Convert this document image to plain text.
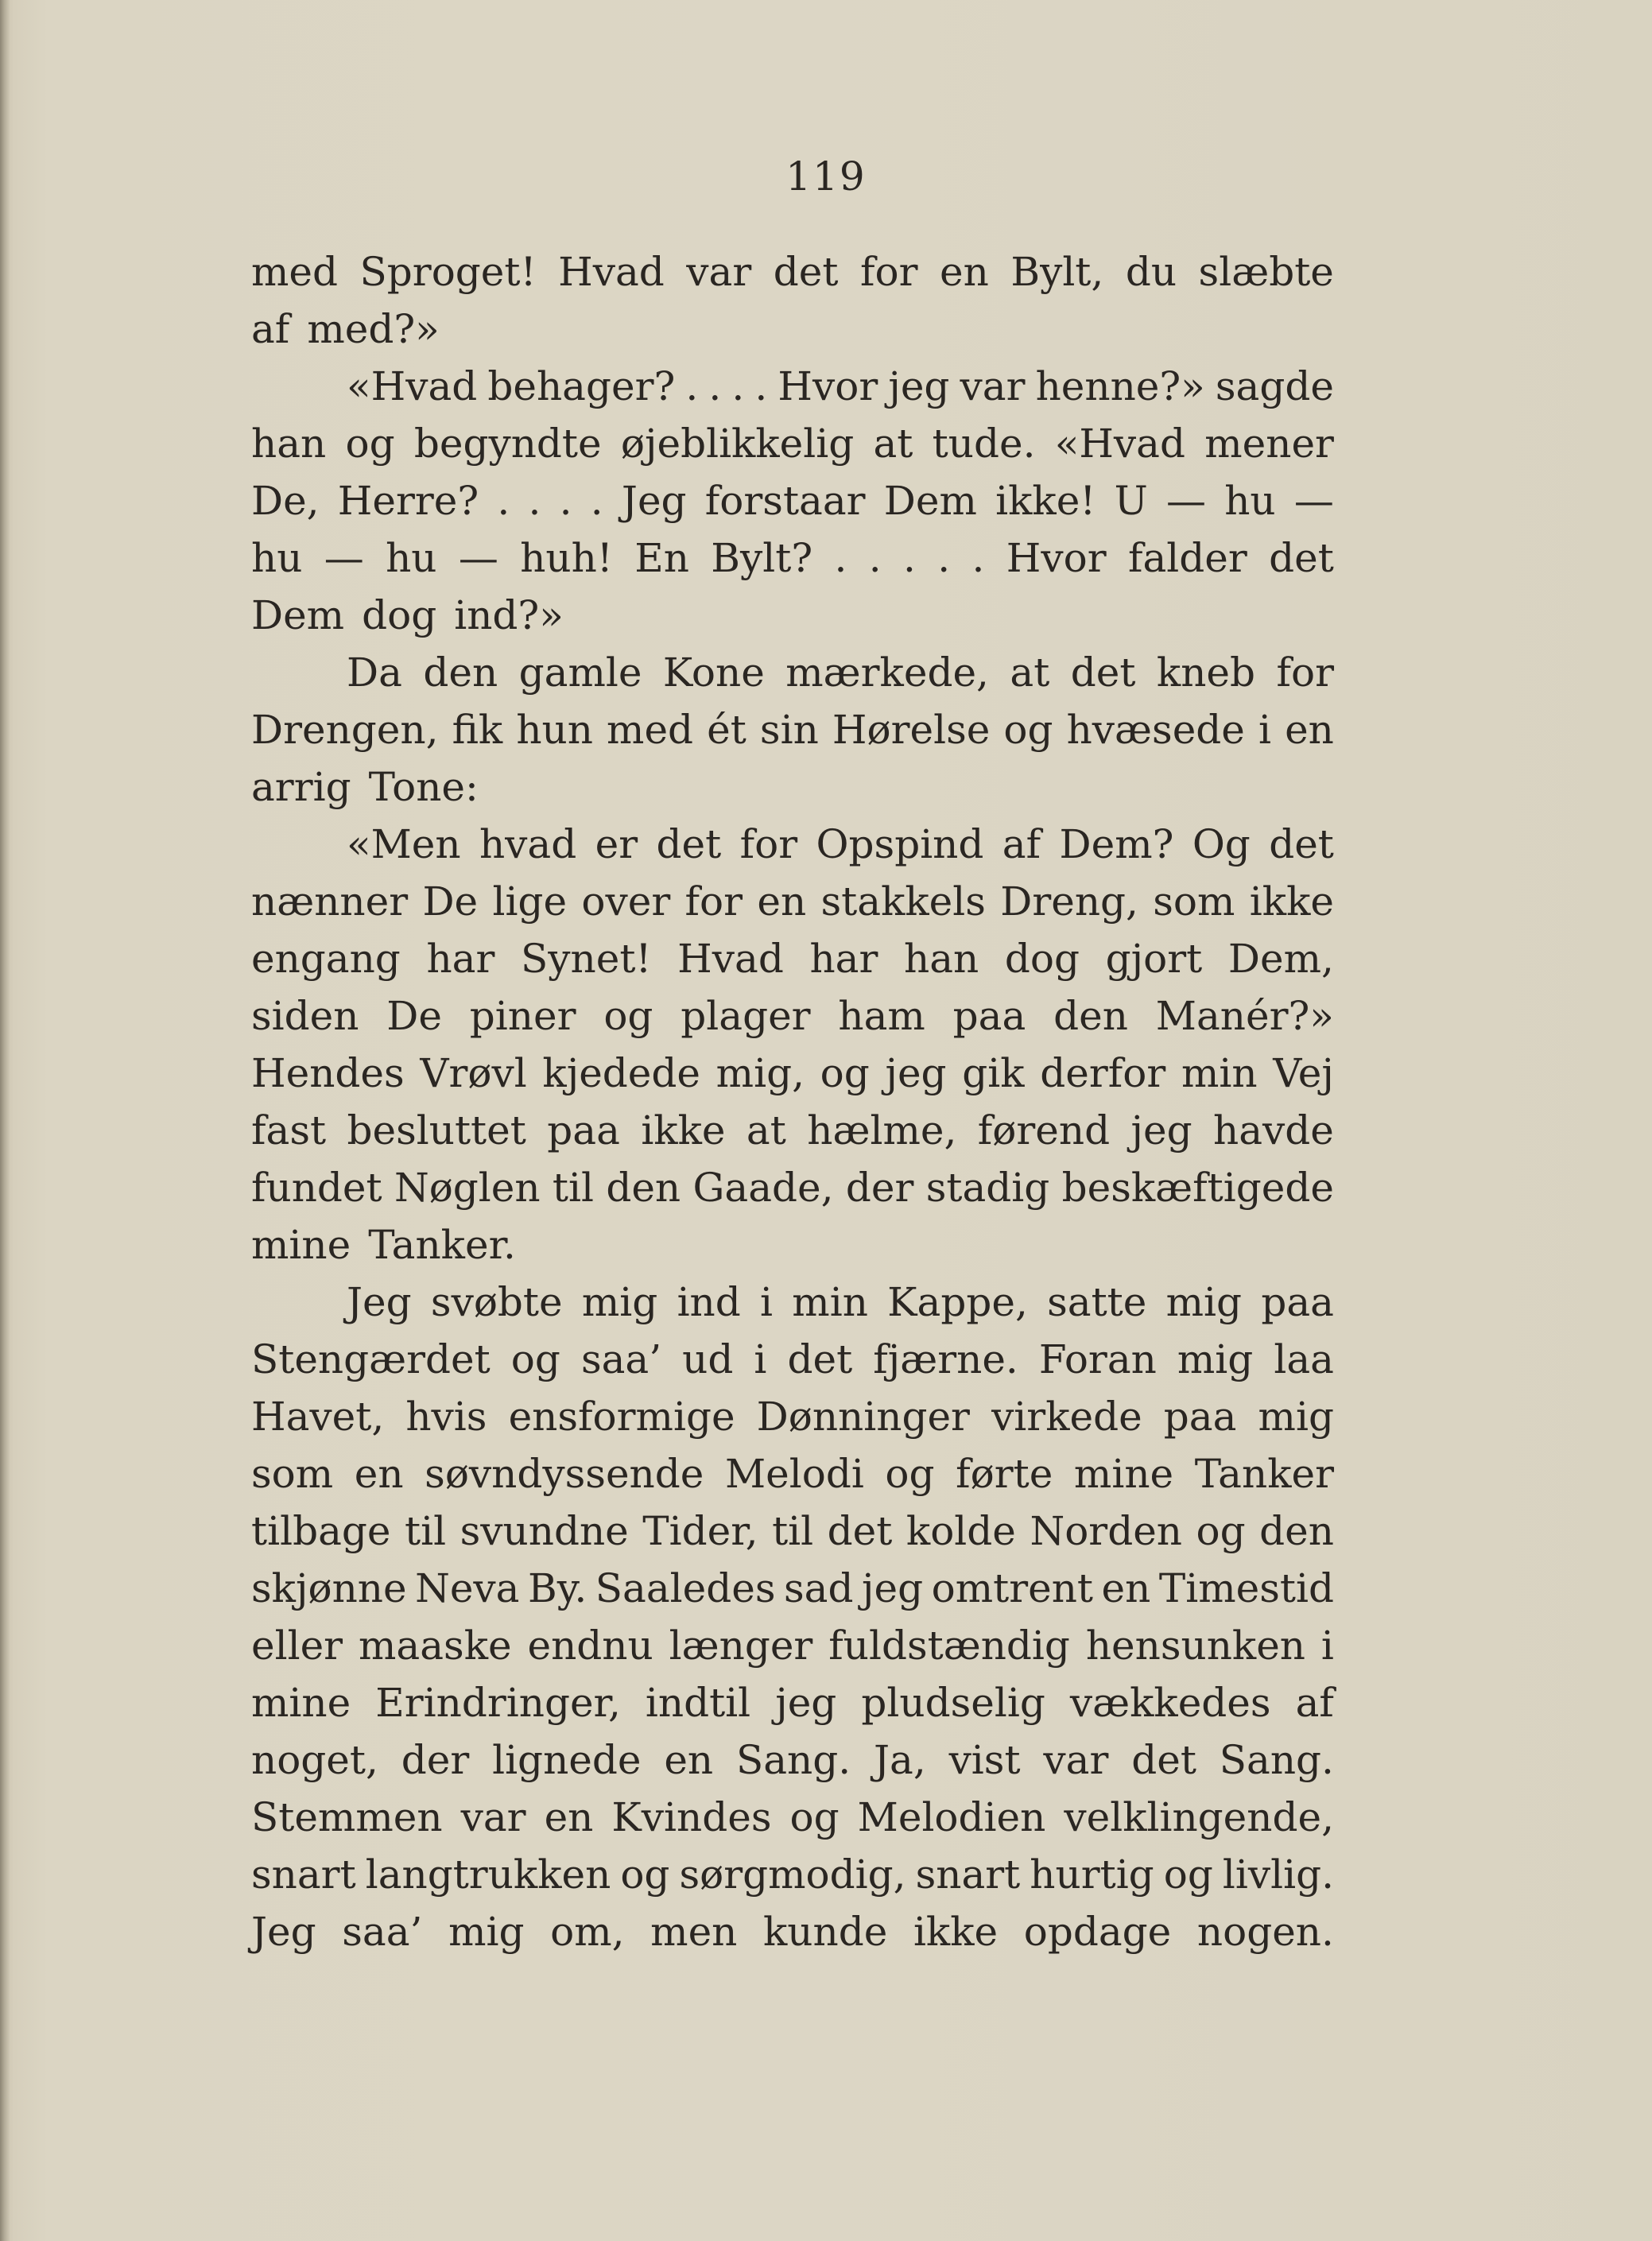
119
med Sproget! Hvad var det for en Bylt, du slæbte
af med?»
«Hvad behager? . . . . Hvor jeg var henne?» sagde
han og begyndte øjeblikkelig at tude. «Hvad mener
De, Herre? . . . . Jeg forstaar Dem ikke! U — hu —
hu — hu — huh! En Bylt? . . . . . Hvor falder det
Dem dog ind?»
Da den gamle Kone mærkede, at det kneb for
Drengen, fik hun med ét sin Hørelse og hvæsede i en
arrig Tone:
«Men hvad er det for Opspind af Dem? Og det
nænner De lige over for en stakkels Dreng, som ikke
engang har Synet! Hvad har han dog gjort Dem,
siden De piner og plager ham paa den Manér?»
Hendes Vrøvl kjedede mig, og jeg gik derfor min Vej
fast besluttet paa ikke at hælme, førend jeg havde
fundet Nøglen til den Gaade, der stadig beskæftigede
mine Tanker.
Jeg svøbte mig ind i min Kappe, satte mig paa
Stengærdet og saa’ ud i det fjærne. Foran mig laa
Havet, hvis ensformige Dønninger virkede paa mig
som en søvndyssende Melodi og førte mine Tanker
tilbage til svundne Tider, til det kolde Norden og den
skjønne Neva By. Saaledes sad jeg omtrent en Timestid
eller maaske endnu længer fuldstændig hensunken i
mine Erindringer, indtil jeg pludselig vækkedes af
noget, der lignede en Sang. Ja, vist var det Sang.
Stemmen var en Kvindes og Melodien velklingende,
snart langtrukken og sørgmodig, snart hurtig og livlig.
Jeg saa’ mig om, men kunde ikke opdage nogen.
